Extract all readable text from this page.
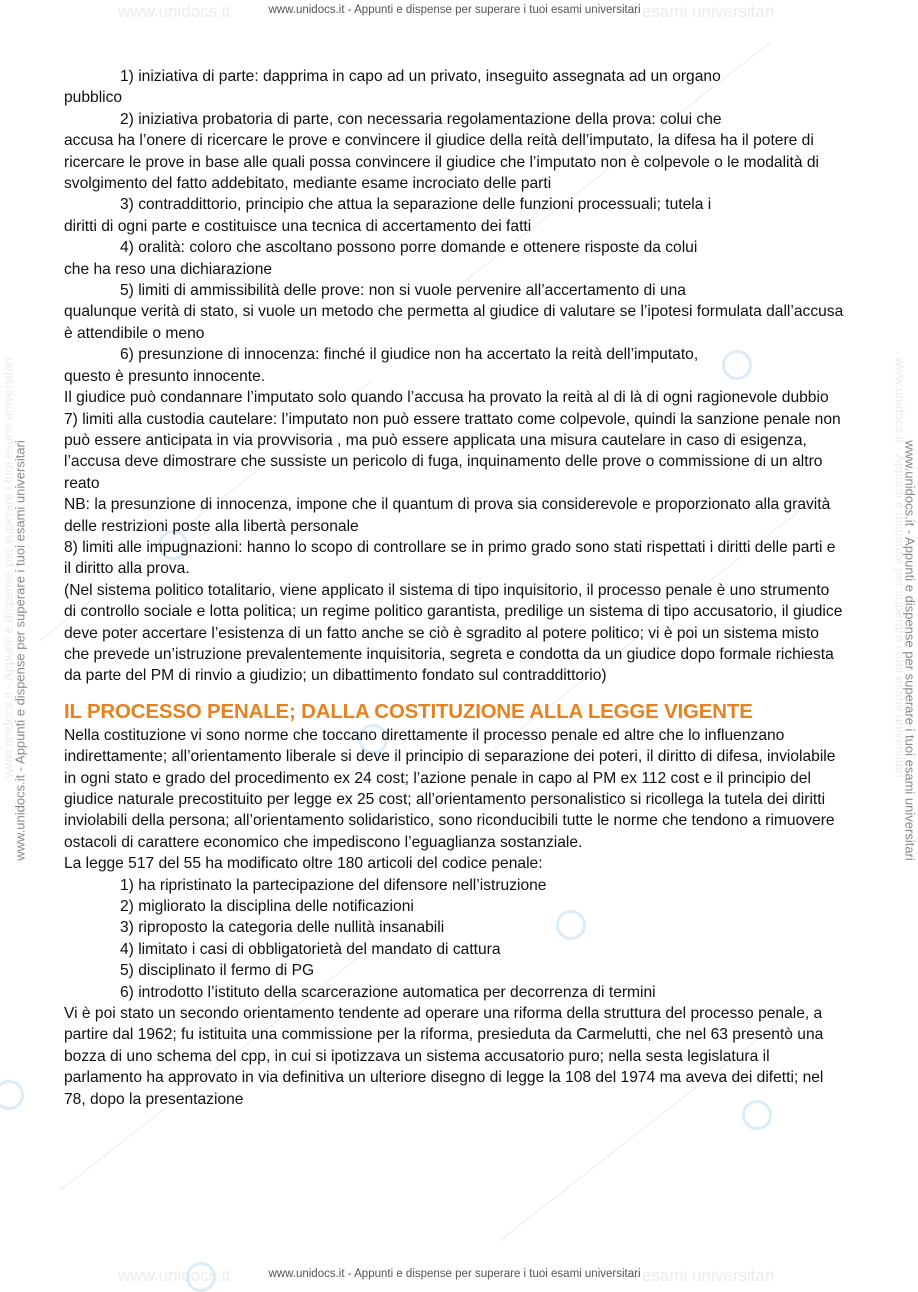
www.unidocs.it	esami universitari
www.unidocs.it - Appunti e dispense per superare i tuoi esami universitari
www.unidocs.it	esami universitari
www.unidocs.it - Appunti e dispense per superare i tuoi esami universitari
www.unidocs.it - Appunti e dispense per superare i tuoi esami universitari
www.unidocs.it - Appunti e dispense per superare i tuoi esami universitari	www.unidocs.it - Appunti e dispense per superare i tuoi esami universitari
www.unidocs.it - Appunti e dispense per superare i tuoi esami universitari

1) iniziativa di parte: dapprima in capo ad un privato, inseguito assegnata ad un organo
pubblico

2) iniziativa probatoria di parte, con necessaria regolamentazione della prova: colui che
accusa ha l’onere di ricercare le prove e convincere il giudice della reità dell’imputato, la difesa ha il potere di ricercare le prove in base alle quali possa convincere il giudice che l’imputato non è colpevole o le modalità di svolgimento del fatto addebitato, mediante esame incrociato delle parti

3) contraddittorio, principio che attua la separazione delle funzioni processuali; tutela i
diritti di ogni parte e costituisce una tecnica di accertamento dei fatti

4) oralità: coloro che ascoltano possono porre domande e ottenere risposte da colui
che ha reso una dichiarazione

5) limiti di ammissibilità delle prove: non si vuole pervenire all’accertamento di una
qualunque verità di stato, si vuole un metodo che permetta al giudice di valutare se l’ipotesi formulata dall’accusa è attendibile o meno

6) presunzione di innocenza: finché il giudice non ha accertato la reità dell’imputato,
questo è presunto innocente.

Il giudice può condannare l’imputato solo quando l’accusa ha provato la reità al di là di ogni ragionevole dubbio

7) limiti alla custodia cautelare: l’imputato non può essere trattato come colpevole, quindi la sanzione penale non può essere anticipata in via provvisoria , ma può essere applicata una misura cautelare in caso di esigenza, l’accusa deve dimostrare che sussiste un pericolo di fuga, inquinamento delle prove o commissione di un altro reato

NB: la presunzione di innocenza, impone che il quantum di prova sia considerevole e proporzionato alla gravità delle restrizioni poste alla libertà personale

8) limiti alle impugnazioni: hanno lo scopo di controllare se in primo grado sono stati rispettati i diritti delle parti e il diritto alla prova.

(Nel sistema politico totalitario, viene applicato il sistema di tipo inquisitorio, il processo penale è uno strumento di controllo sociale e lotta politica; un regime politico garantista, predilige un sistema di tipo accusatorio, il giudice deve poter accertare l’esistenza di un fatto anche se ciò è sgradito al potere politico; vi è poi un sistema misto che prevede un’istruzione prevalentemente inquisitoria, segreta e condotta da un giudice dopo formale richiesta da parte del PM di rinvio a giudizio; un dibattimento fondato sul contraddittorio)

IL PROCESSO PENALE; DALLA COSTITUZIONE ALLA LEGGE VIGENTE

Nella costituzione vi sono norme che toccano direttamente il processo penale ed altre che lo influenzano indirettamente; all’orientamento liberale si deve il principio di separazione dei poteri, il diritto di difesa, inviolabile in ogni stato e grado del procedimento ex 24 cost; l’azione penale in capo al PM ex 112 cost e il principio del giudice naturale precostituito per legge ex 25 cost; all’orientamento personalistico si ricollega la tutela dei diritti inviolabili della persona; all’orientamento solidaristico, sono riconducibili tutte le norme che tendono a rimuovere ostacoli di carattere economico che impediscono l’eguaglianza sostanziale.

La legge 517 del 55 ha modificato oltre 180 articoli del codice penale:

1) ha ripristinato la partecipazione del difensore nell’istruzione

2) migliorato la disciplina delle notificazioni

3) riproposto la categoria delle nullità insanabili

4) limitato i casi di obbligatorietà del mandato di cattura

5) disciplinato il fermo di PG

6) introdotto l’istituto della scarcerazione automatica per decorrenza di termini

Vi è poi stato un secondo orientamento tendente ad operare una riforma della struttura del processo penale, a partire dal 1962; fu istituita una commissione per la riforma, presieduta da Carmelutti, che nel 63 presentò una bozza di uno schema del cpp, in cui si ipotizzava un sistema accusatorio puro; nella sesta legislatura il parlamento ha approvato in via definitiva un ulteriore disegno di legge la 108 del 1974 ma aveva dei difetti; nel 78, dopo la presentazione
